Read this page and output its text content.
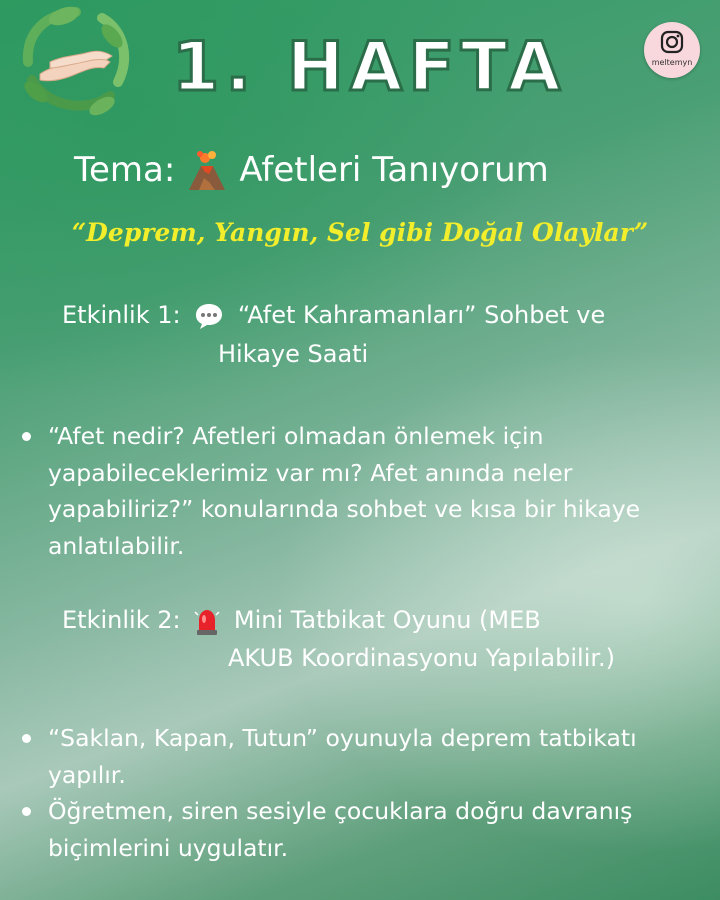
meltemyn
1. HAFTA
Tema: Afetleri Tanıyorum
“Deprem, Yangın, Sel gibi Doğal Olaylar”
Etkinlik 1: “Afet Kahramanları” Sohbet ve
Hikaye Saati
“Afet nedir? Afetleri olmadan önlemek için
yapabileceklerimiz var mı? Afet anında neler
yapabiliriz?” konularında sohbet ve kısa bir hikaye
anlatılabilir.
Etkinlik 2: Mini Tatbikat Oyunu (MEB
AKUB Koordinasyonu Yapılabilir.)
“Saklan, Kapan, Tutun” oyunuyla deprem tatbikatı
yapılır.
Öğretmen, siren sesiyle çocuklara doğru davranış
biçimlerini uygulatır.
